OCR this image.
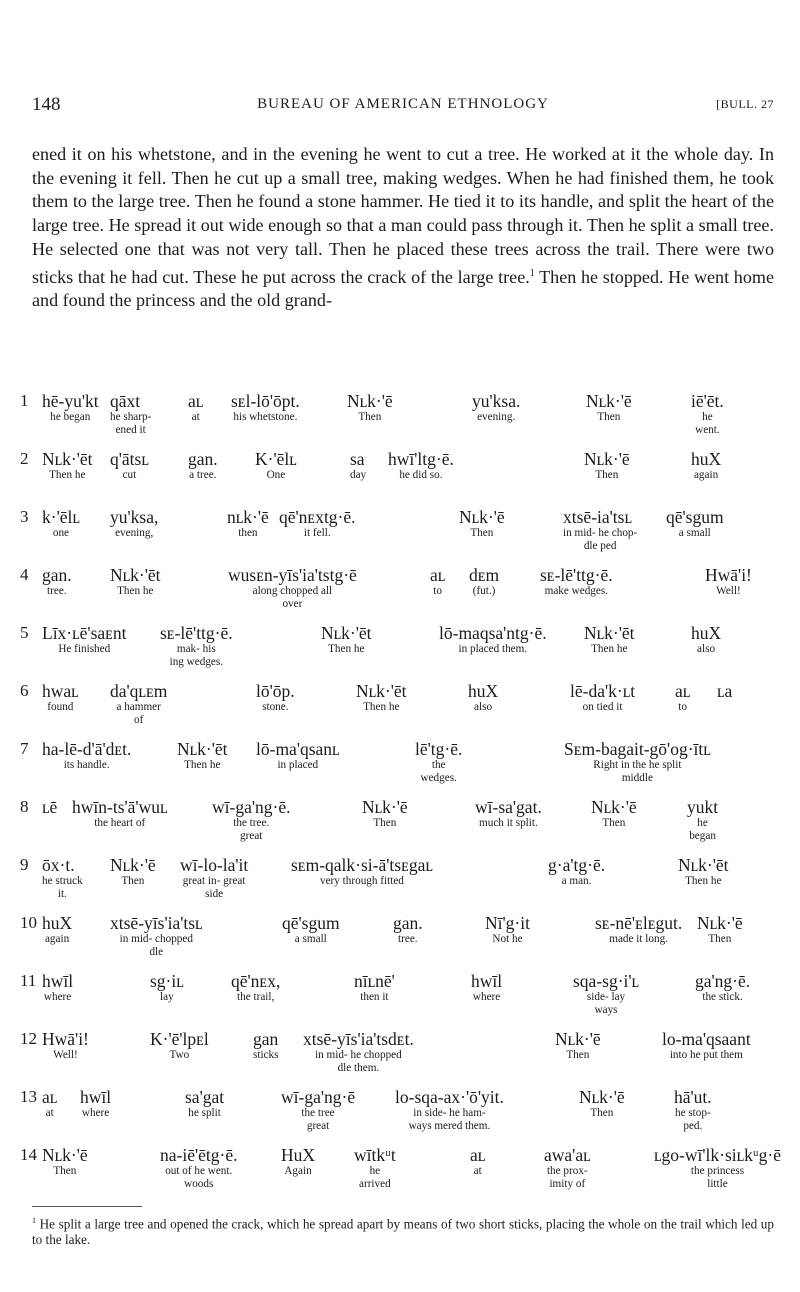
148	BUREAU OF AMERICAN ETHNOLOGY	[BULL. 27

ened it on his whetstone, and in the evening he went to cut a tree. He worked at it the whole day. In the evening it fell. Then he cut up a small tree, making wedges. When he had finished them, he took them to the large tree. Then he found a stone hammer. He tied it to its handle, and split the heart of the large tree. He spread it out wide enough so that a man could pass through it. Then he split a small tree. He selected one that was not very tall. Then he placed these trees across the trail. There were two sticks that he had cut. These he put across the crack of the large tree.$^1$ Then he stopped. He went home and found the princess and the old grand-

1 hē-yu'kt
he began
qāxt
he sharp-
ened it
aʟ
at
sᴇl-lō'ōpt.
his whetstone.
Nʟk·'ē
Then
yu'ksa.
evening.
Nʟk·'ē
Then
iē'ēt.
he
went.
2 Nʟk·'ēt
Then he
q'ātsʟ
cut
gan.
a tree.
K·'ēlʟ
One
sa
day
hwī'ltg·ē.
he did so.
Nʟk·'ē
Then
huX
again
3 k·'ēlʟ
one
yu'ksa,
evening,
nʟk·'ē
then
qē'nᴇxtg·ē.
it fell.
Nʟk·'ē
Then
xtsē-ia'tsʟ
in mid- he chop-
dle ped
qē'sgum
a small
4 gan.
tree.
Nʟk·'ēt
Then he
wusᴇn-yīs'ia'tstg·ē
along chopped all
over
aʟ
to
dᴇm
(fut.)
sᴇ-lē'ttg·ē.
make wedges.
Hwā'i!
Well!
5 Līx·ʟē'saᴇnt
He finished
sᴇ-lē'ttg·ē.
mak- his
ing wedges.
Nʟk·'ēt
Then he
lō-maqsa'ntg·ē.
in placed them.
Nʟk·'ēt
Then he
huX
also
6 hwaʟ
found
da'qʟᴇm
a hammer
of
lō'ōp.
stone.
Nʟk·'ēt
Then he
huX
also
lē-da'k·ʟt
on tied it
aʟ
to
ʟa
7 ha-lē-d'ā'dᴇt.
its handle.
Nʟk·'ēt
Then he
lō-ma'qsanʟ
in placed
lē'tg·ē.
the
wedges.
Sᴇm-bagait-gō'og·ītʟ
Right in the he split
middle
8 ʟē hwīn-ts'ā'wuʟ
the heart of
wī-ga'ng·ē.
the tree.
great
Nʟk·'ē
Then
wī-sa'gat.
much it split.
Nʟk·'ē
Then
yukt
he
began
9 ōx·t.
he struck
it.
Nʟk·'ē
Then
wī-lo-la'it
great in- great
side
sᴇm-qalk·si-ā'tsᴇgaʟ
very through fitted
g·a'tg·ē.
a man.
Nʟk·'ēt
Then he
10 huX
again
xtsē-yīs'ia'tsʟ
in mid- chopped
dle
qē'sgum
a small
gan.
tree.
Nī'g·it
Not he
sᴇ-nē'ᴇlᴇgut.
made it long.
Nʟk·'ē
Then
11 hwīl
where
sg·iʟ
lay
qē'nᴇx,
the trail,
nīʟnē'
then it
hwīl
where
sqa-sg·i'ʟ
side- lay
ways
ga'ng·ē.
the stick.
12 Hwā'i!
Well!
K·'ē'lpᴇl
Two
gan
sticks
xtsē-yīs'ia'tsdᴇt.
in mid- he chopped
dle them.
Nʟk·'ē
Then
lo-ma'qsaant
into he put them
13 aʟ
at
hwīl
where
sa'gat
he split
wī-ga'ng·ē
the tree
great
lo-sqa-ax·'ō'yit.
in side- he ham-
ways mered them.
Nʟk·'ē
Then
hā'ut.
he stop-
ped.
14 Nʟk·'ē
Then
na-iē'ētg·ē.
out of he went.
woods
HuX
Again
wītkᵘt
he
arrived
aʟ
at
awa'aʟ
the prox-
imity of
ʟgo-wī'lk·siʟkᵘg·ē
the princess
little

$^1$ He split a large tree and opened the crack, which he spread apart by means of two short sticks, placing the whole on the trail which led up to the lake.
